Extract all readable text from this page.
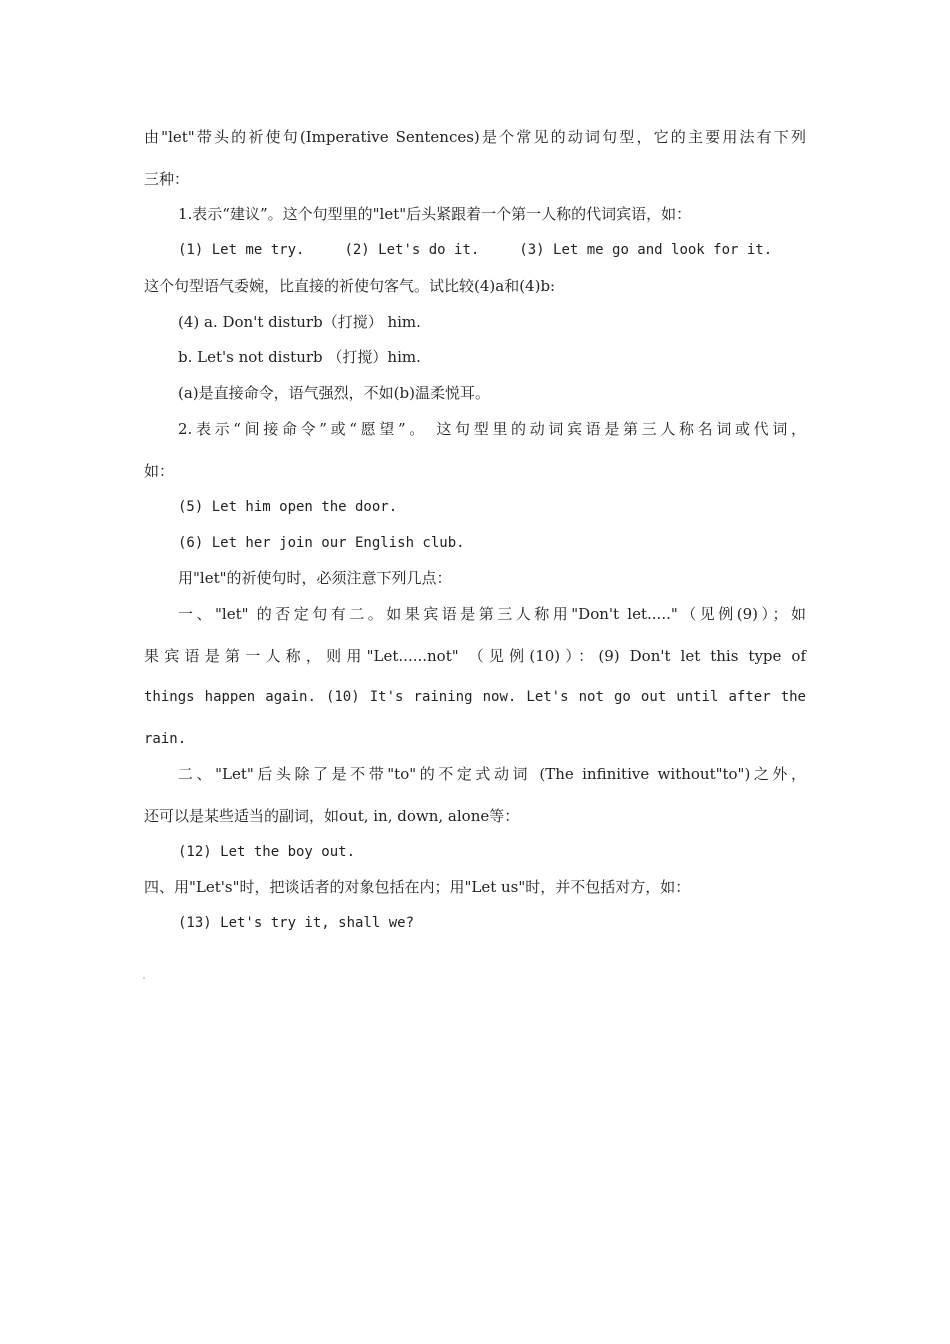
由"let"带头的祈使句(Imperative Sentences)是个常见的动词句型，它的主要用法有下列
三种：
1.表示“建议”。这个句型里的"let"后头紧跟着一个第一人称的代词宾语，如：
(1) Let me try.	(2) Let's do it.	(3) Let me go and look for it.
这个句型语气委婉，比直接的祈使句客气。试比较(4)a和(4)b:
(4) a. Don't disturb（打搅） him.
b. Let's not disturb （打搅）him.
(a)是直接命令，语气强烈，不如(b)温柔悦耳。
2.表示“间接命令”或“愿望”。 这句型里的动词宾语是第三人称名词或代词，
如：
(5) Let him open the door.
(6) Let her join our English club.
用"let"的祈使句时，必须注意下列几点：
一、"let" 的否定句有二。如果宾语是第三人称用"Don't let....."（见例(9)）；如
果宾语是第一人称，则用"Let......not" （见例(10)）：(9) Don't let this type of
things happen again. (10) It's raining now. Let's not go out until after the
rain.
二、"Let"后头除了是不带"to"的不定式动词 (The infinitive without"to")之外，
还可以是某些适当的副词，如out, in, down, alone等：
(12) Let the boy out.
四、用"Let's"时，把谈话者的对象包括在内；用"Let us"时，并不包括对方，如：
(13) Let's try it, shall we?
